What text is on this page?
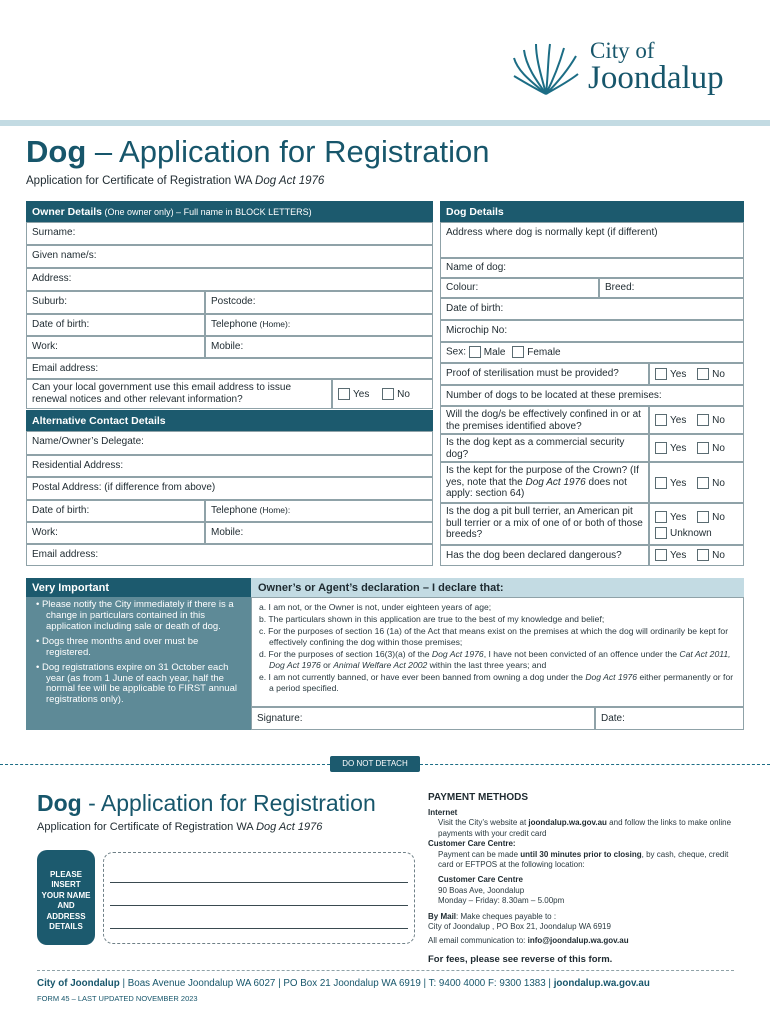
City of
Joondalup
Dog – Application for Registration
Application for Certificate of Registration WA Dog Act 1976
Owner Details (One owner only) – Full name in BLOCK LETTERS)
Surname:
Given name/s:
Address:
Suburb:	Postcode:
Date of birth:	Telephone (Home):
Work:	Mobile:
Email address:
Can your local government use this email address to issue renewal notices and other relevant information?	Yes	No
Alternative Contact Details
Name/Owner’s Delegate:
Residential Address:
Postal Address: (if difference from above)
Date of birth:	Telephone (Home):
Work:	Mobile:
Email address:
Dog Details
Address where dog is normally kept (if different)
Name of dog:
Colour:	Breed:
Date of birth:
Microchip No:
Sex: Male Female
Proof of sterilisation must be provided?	Yes	No
Number of dogs to be located at these premises:
Will the dog/s be effectively confined in or at the premises identified above?
Yes	No
Is the dog kept as a commercial security dog?
Yes	No
Is the kept for the purpose of the Crown? (If yes, note that the Dog Act 1976 does not apply: section 64)
Yes	No
Is the dog a pit bull terrier, an American pit bull terrier or a mix of one of or both of those breeds?
Yes	No
Unknown
Has the dog been declared dangerous?	Yes	No
Very Important
• Please notify the City immediately if there is a change in particulars contained in this application including sale or death of dog.
• Dogs three months and over must be registered.
• Dog registrations expire on 31 October each year (as from 1 June of each year, half the normal fee will be applicable to FIRST annual registrations only).
Owner’s or Agent’s declaration – I declare that:

a. I am not, or the Owner is not, under eighteen years of age;

b. The particulars shown in this application are true to the best of my knowledge and belief;

c. For the purposes of section 16 (1a) of the Act that means exist on the premises at which the dog will ordinarily be kept for effectively confining the dog within those premises;

d. For the purposes of section 16(3)(a) of the Dog Act 1976, I have not been convicted of an offence under the Cat Act 2011, Dog Act 1976 or Animal Welfare Act 2002 within the last three years; and

e. I am not currently banned, or have ever been banned from owning a dog under the Dog Act 1976 either permanently or for a period specified.

Signature:	Date:
DO NOT DETACH
Dog - Application for Registration
Application for Certificate of Registration WA Dog Act 1976
PLEASE INSERT YOUR NAME AND ADDRESS DETAILS
PAYMENT METHODS
Internet

Visit the City’s website at joondalup.wa.gov.au and follow the links to make online payments with your credit card
Customer Care Centre:

Payment can be made until 30 minutes prior to closing, by cash, cheque, credit card or EFTPOS at the following location:
Customer Care Centre
90 Boas Ave, Joondalup
Monday – Friday: 8.30am – 5.00pm
By Mail: Make cheques payable to :
City of Joondalup , PO Box 21, Joondalup WA 6919
All email communication to: info@joondalup.wa.gov.au
For fees, please see reverse of this form.
City of Joondalup | Boas Avenue Joondalup WA 6027 | PO Box 21 Joondalup WA 6919 | T: 9400 4000 F: 9300 1383 | joondalup.wa.gov.au
FORM 45 – LAST UPDATED NOVEMBER 2023
